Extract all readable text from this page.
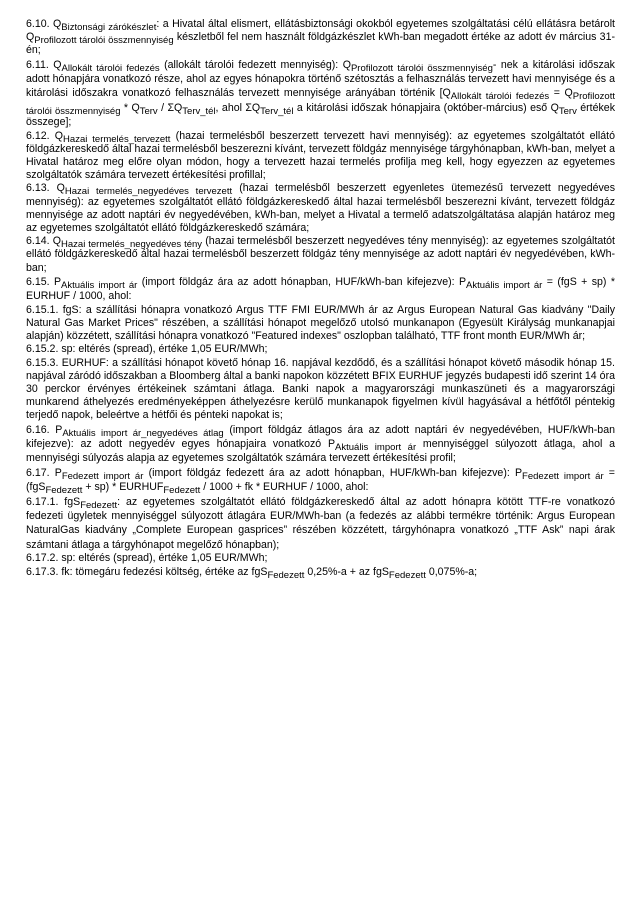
6.10. $Q_{Biztonsági zárókészlet}$: a Hivatal által elismert, ellátásbiztonsági okokból egyetemes szolgáltatási célú ellátásra betárolt $Q_{Profilozott tárolói összmennyiség}$ készletből fel nem használt földgázkészlet kWh-ban megadott értéke az adott év március 31-én;

6.11. $Q_{Allokált tárolói fedezés}$ (allokált tárolói fedezett mennyiség): $Q_{Profilozott tárolói összmennyiség}-$ nek a kitárolási időszak adott hónapjára vonatkozó része, ahol az egyes hónapokra történő szétosztás a felhasználás tervezett havi mennyisége és a kitárolási időszakra vonatkozó felhasználás tervezett mennyisége arányában történik [$Q_{Allokált tárolói fedezés} = Q_{Profilozott tárolói összmennyiség} * Q_{Terv} / \Sigma Q_{Terv\_tél}$, ahol $\Sigma Q_{Terv\_tél}$ a kitárolási időszak hónapjaira (október-március) eső $Q_{Terv}$ értékek összege];

6.12. $Q_{Hazai termelés\_tervezett}$ (hazai termelésből beszerzett tervezett havi mennyiség): az egyetemes szolgáltatót ellátó földgázkereskedő által hazai termelésből beszerezni kívánt, tervezett földgáz mennyisége tárgyhónapban, kWh-ban, melyet a Hivatal határoz meg előre olyan módon, hogy a tervezett hazai termelés profilja meg kell, hogy egyezzen az egyetemes szolgáltatók számára tervezett értékesítési profillal;

6.13. $Q_{Hazai termelés\_negyedéves tervezett}$ (hazai termelésből beszerzett egyenletes ütemezésű tervezett negyedéves mennyiség): az egyetemes szolgáltatót ellátó földgázkereskedő által hazai termelésből beszerezni kívánt, tervezett földgáz mennyisége az adott naptári év negyedévében, kWh-ban, melyet a Hivatal a termelő adatszolgáltatása alapján határoz meg az egyetemes szolgáltatót ellátó földgázkereskedő számára;

6.14. $Q_{Hazai termelés\_negyedéves tény}$ (hazai termelésből beszerzett negyedéves tény mennyiség): az egyetemes szolgáltatót ellátó földgázkereskedő által hazai termelésből beszerzett földgáz tény mennyisége az adott naptári év negyedévében, kWh-ban;

6.15. $P_{Aktuális import ár}$ (import földgáz ára az adott hónapban, HUF/kWh-ban kifejezve): $P_{Aktuális import ár} = (fgS + sp)$ * EURHUF / 1000, ahol:

6.15.1. fgS: a szállítási hónapra vonatkozó Argus TTF FMI EUR/MWh ár az Argus European Natural Gas kiadvány "Daily Natural Gas Market Prices" részében, a szállítási hónapot megelőző utolsó munkanapon (Egyesült Királyság munkanapjai alapján) közzétett, szállítási hónapra vonatkozó "Featured indexes" oszlopban található, TTF front month EUR/MWh ár;

6.15.2. sp: eltérés (spread), értéke 1,05 EUR/MWh;

6.15.3. EURHUF: a szállítási hónapot követő hónap 16. napjával kezdődő, és a szállítási hónapot követő második hónap 15. napjával záródó időszakban a Bloomberg által a banki napokon közzétett BFIX EURHUF jegyzés budapesti idő szerint 14 óra 30 perckor érvényes értékeinek számtani átlaga. Banki napok a magyarországi munkaszüneti és a magyarországi munkarend áthelyezés eredményeképpen áthelyezésre kerülő munkanapok figyelmen kívül hagyásával a hétfőtől péntekig terjedő napok, beleértve a hétfői és pénteki napokat is;

6.16. $P_{Aktuális import ár\_negyedéves átlag}$ (import földgáz átlagos ára az adott naptári év negyedévében, HUF/kWh-ban kifejezve): az adott negyedév egyes hónapjaira vonatkozó $P_{Aktuális import ár}$ mennyiséggel súlyozott átlaga, ahol a mennyiségi súlyozás alapja az egyetemes szolgáltatók számára tervezett értékesítési profil;

6.17. $P_{Fedezett import ár}$ (import földgáz fedezett ára az adott hónapban, HUF/kWh-ban kifejezve): $P_{Fedezett import ár} = (fgS_{Fedezett} + sp)$ * $EURHUF_{Fedezett} / 1000$ + fk * EURHUF / 1000, ahol:

6.17.1. fgS$_{Fedezett}$: az egyetemes szolgáltatót ellátó földgázkereskedő által az adott hónapra kötött TTF-re vonatkozó fedezeti ügyletek mennyiséggel súlyozott átlagára EUR/MWh-ban (a fedezés az alábbi termékre történik: Argus European NaturalGas kiadvány „Complete European gasprices” részében közzétett, tárgyhónapra vonatkozó „TTF Ask” napi árak számtani átlaga a tárgyhónapot megelőző hónapban);

6.17.2. sp: eltérés (spread), értéke 1,05 EUR/MWh;

6.17.3. fk: tömegáru fedezési költség, értéke az fgS$_{Fedezett}$ 0,25%-a + az fgS$_{Fedezett}$ 0,075%-a;
